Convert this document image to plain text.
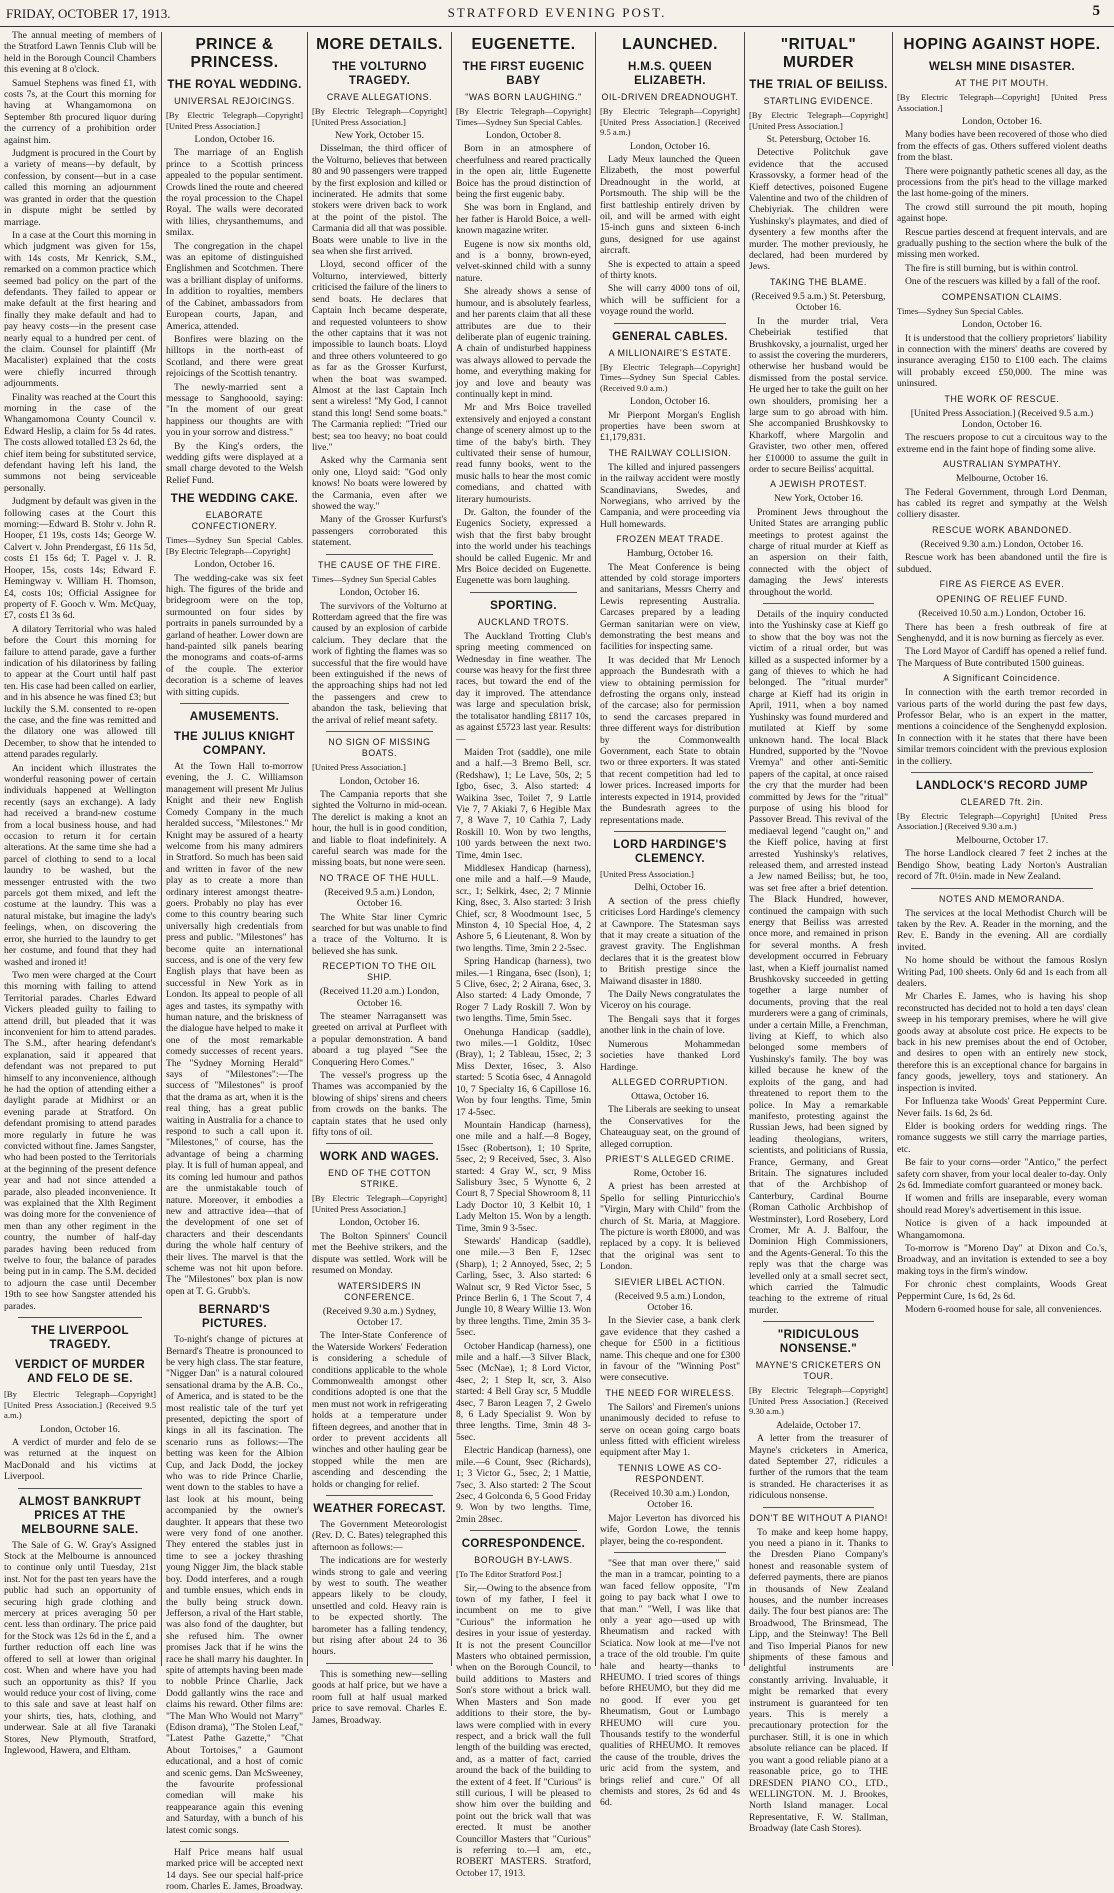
FRIDAY, OCTOBER 17, 1913.	STRATFORD EVENING POST.	5
The annual meeting of members of the Stratford Lawn Tennis Club will be held in the Borough Council Chambers this evening at 8 o'clock.
Samuel Stephens was fined £1, with costs 7s, at the Court this morning for having at Whangamomona on September 8th procured liquor during the currency of a prohibition order against him.
Judgment is procured in the Court by a variety of means—by default, by confession, by consent—but in a case called this morning an adjournment was granted in order that the question in dispute might be settled by marriage.
In a case at the Court this morning in which judgment was given for 15s, with 14s costs, Mr Kenrick, S.M., remarked on a common practice which seemed bad policy on the part of the defendants. They failed to appear or make default at the first hearing and finally they make default and had to pay heavy costs—in the present case nearly equal to a hundred per cent. of the claim. Counsel for plaintiff (Mr Macalister) explained that the costs were chiefly incurred through adjournments.
Finality was reached at the Court this morning in the case of the Whangamomona County Council v. Edward Heslip, a claim for 5s 4d rates. The costs allowed totalled £3 2s 6d, the chief item being for substituted service, defendant having left his land, the summons not being serviceable personally.
Judgment by default was given in the following cases at the Court this morning:—Edward B. Stohr v. John R. Hooper, £1 19s, costs 14s; George W. Calvert v. John Prendergast, £6 11s 5d, costs £1 15s 6d; T. Pagel v. J. R. Hooper, 15s, costs 14s; Edward F. Hemingway v. William H. Thomson, £4, costs 10s; Official Assignee for property of F. Gooch v. Wm. McQuay, £7, costs £1 3s 6d.
A dilatory Territorial who was haled before the Court this morning for failure to attend parade, gave a further indication of his dilatoriness by failing to appear at the Court until half past ten. His case had been called on earlier, and in his absence he was fined £3; but luckily the S.M. consented to re-open the case, and the fine was remitted and the dilatory one was allowed till December, to show that he intended to attend parades regularly.
An incident which illustrates the wonderful reasoning power of certain individuals happened at Wellington recently (says an exchange). A lady had received a brand-new costume from a local business house, and had occasion to return it for certain alterations. At the same time she had a parcel of clothing to send to a local laundry to be washed, but the messenger entrusted with the two parcels got them mixed, and left the costume at the laundry. This was a natural mistake, but imagine the lady's feelings, when, on discovering the error, she hurried to the laundry to get her costume, and found that they had washed and ironed it!
Two men were charged at the Court this morning with failing to attend Territorial parades. Charles Edward Vickers pleaded guilty to failing to attend drill, but pleaded that it was inconvenient for him to attend parades. The S.M., after hearing defendant's explanation, said it appeared that defendant was not prepared to put himself to any inconvenience, although he had the option of attending either a daylight parade at Midhirst or an evening parade at Stratford. On defendant promising to attend parades more regularly in future he was convicted without fine. James Sangster, who had been posted to the Territorials at the beginning of the present defence year and had not since attended a parade, also pleaded inconvenience. It was explained that the Xlth Regiment was doing more for the convenience of men than any other regiment in the country, the number of half-day parades having been reduced from twelve to four, the balance of parades being put in in camp. The S.M. decided to adjourn the case until December 19th to see how Sangster attended his parades.
THE LIVERPOOL TRAGEDY.
VERDICT OF MURDER AND FELO DE SE.
[By Electric Telegraph—Copyright] [United Press Association.] (Received 9.5 a.m.)
London, October 16.
A verdict of murder and felo de se was returned at the inquest on MacDonald and his victims at Liverpool.
ALMOST BANKRUPT PRICES AT THE MELBOURNE SALE.
The Sale of G. W. Gray's Assigned Stock at the Melbourne is announced to continue only until Tuesday, 21st inst. Not for the past ten years have the public had such an opportunity of securing high grade clothing and mercery at prices averaging 50 per cent. less than ordinary. The price paid for the Stock was 12s 6d in the £, and a further reduction off each line was offered to sell at lower than original cost. When and where have you had such an opportunity as this? If you would reduce your cost of living, come to this sale and save at least half on your shirts, ties, hats, clothing, and underwear. Sale at all five Taranaki Stores, New Plymouth, Stratford, Inglewood, Hawera, and Eltham.
PRINCE & PRINCESS.
THE ROYAL WEDDING.
UNIVERSAL REJOICINGS.
[By Electric Telegraph—Copyright] [United Press Association.]
London, October 16.
The marriage of an English prince to a Scottish princess appealed to the popular sentiment. Crowds lined the route and cheered the royal procession to the Chapel Royal. The walls were decorated with lilies, chrysanthemums, and smilax.
The congregation in the chapel was an epitome of distinguished Englishmen and Scotchmen. There was a brilliant display of uniforms. In addition to royalties, members of the Cabinet, ambassadors from European courts, Japan, and America, attended.
Bonfires were blazing on the hilltops in the north-east of Scotland, and there were great rejoicings of the Scottish tenantry.
The newly-married sent a message to Sanghooold, saying: "In the moment of our great happiness our thoughts are with you in your sorrow and distress."
By the King's orders, the wedding gifts were displayed at a small charge devoted to the Welsh Relief Fund.
THE WEDDING CAKE.
ELABORATE CONFECTIONERY.
Times—Sydney Sun Special Cables. [By Electric Telegraph—Copyright]
London, October 16.
The wedding-cake was six feet high. The figures of the bride and bridegroom were on the top, surmounted on four sides by portraits in panels surrounded by a garland of heather. Lower down are hand-painted silk panels bearing the monograms and coats-of-arms of the couple. The exterior decoration is a scheme of leaves with sitting cupids.
AMUSEMENTS.
THE JULIUS KNIGHT COMPANY.
At the Town Hall to-morrow evening, the J. C. Williamson management will present Mr Julius Knight and their new English Comedy Company in the much heralded success, "Milestones." Mr Knight may be assured of a hearty welcome from his many admirers in Stratford. So much has been said and written in favor of the new play as to create a more than ordinary interest amongst theatre-goers. Probably no play has ever come to this country bearing such universally high credentials from press and public. "Milestones" has become quite an international success, and is one of the very few English plays that have been as successful in New York as in London. Its appeal to people of all ages and tastes, its sympathy with human nature, and the briskness of the dialogue have helped to make it one of the most remarkable comedy successes of recent years. The "Sydney Morning Herald" says of "Milestones":—The success of "Milestones" is proof that the drama as art, when it is the real thing, has a great public waiting in Australia for a chance to respond to such a call upon it. "Milestones," of course, has the advantage of being a charming play. It is full of human appeal, and its coming led humour and pathos are the unmistakable touch of nature. Moreover, it embodies a new and attractive idea—that of the development of one set of characters and their descendants during the whole half century of their lives. The marvel is that the scheme was not hit upon before. The "Milestones" box plan is now open at T. G. Grubb's.
BERNARD'S PICTURES.
To-night's change of pictures at Bernard's Theatre is pronounced to be very high class. The star feature, "Nigger Dan" is a natural coloured sensational drama by the A.B. Co., of America, and is stated to be the most realistic tale of the turf yet presented, depicting the sport of kings in all its fascination. The scenario runs as follows:—The betting was keen for the Albion Cup, and Jack Dodd, the jockey who was to ride Prince Charlie, went down to the stables to have a last look at his mount, being accompanied by the owner's daughter. It appears that these two were very fond of one another. They entered the stables just in time to see a jockey thrashing young Nigger Jim, the black stable boy. Dodd interferes, and a rough and tumble ensues, which ends in the bully being struck down. Jefferson, a rival of the Hart stable, was also fond of the daughter, but she refused him. The owner promises Jack that if he wins the race he shall marry his daughter. In spite of attempts having been made to nobble Prince Charlie, Jack Dodd gallantly wins the race and claims his reward. Other films are: "The Man Who Would not Marry" (Edison drama), "The Stolen Leaf," "Latest Pathe Gazette," "Chat About Tortoises," a Gaumont educational, and a host of comic and scenic gems. Dan McSweeney, the favourite professional comedian will make his reappearance again this evening and Saturday, with a bunch of his latest comic songs.
Half Price means half usual marked price will be accepted next 14 days. See our special half-price room. Charles E. James, Broadway.
MORE DETAILS.
THE VOLTURNO TRAGEDY.
CRAVE ALLEGATIONS.
[By Electric Telegraph—Copyright] [United Press Association.]
New York, October 15.
Disselman, the third officer of the Volturno, believes that between 80 and 90 passengers were trapped by the first explosion and killed or incinerated. He admits that some stokers were driven back to work at the point of the pistol. The Carmania did all that was possible. Boats were unable to live in the sea when she first arrived.
Lloyd, second officer of the Volturno, interviewed, bitterly criticised the failure of the liners to send boats. He declares that Captain Inch became desperate, and requested volunteers to show the other captains that it was not impossible to launch boats. Lloyd and three others volunteered to go as far as the Grosser Kurfurst, when the boat was swamped. Almost at the last Captain Inch sent a wireless! "My God, I cannot stand this long! Send some boats." The Carmania replied: "Tried our best; sea too heavy; no boat could live."
Asked why the Carmania sent only one, Lloyd said: "God only knows! No boats were lowered by the Carmania, even after we showed the way."
Many of the Grosser Kurfurst's passengers corroborated this statement.
THE CAUSE OF THE FIRE.
Times—Sydney Sun Special Cables
London, October 16.
The survivors of the Volturno at Rotterdam agreed that the fire was caused by an explosion of carbide calcium. They declare that the work of fighting the flames was so successful that the fire would have been extinguished if the news of the approaching ships had not led the passengers and crew to abandon the task, believing that the arrival of relief meant safety.
NO SIGN OF MISSING BOATS.
[United Press Association.]
London, October 16.
The Campania reports that she sighted the Volturno in mid-ocean. The derelict is making a knot an hour, the hull is in good condition, and liable to float indefinitely. A careful search was made for the missing boats, but none were seen.
NO TRACE OF THE HULL.
(Received 9.5 a.m.) London, October 16.
The White Star liner Cymric searched for but was unable to find a trace of the Volturno. It is believed she has sunk.
RECEPTION TO THE OIL SHIP.
(Received 11.20 a.m.) London, October 16.
The steamer Narragansett was greeted on arrival at Purfleet with a popular demonstration. A band aboard a tug played "See the Conquering Hero Comes."
The vessel's progress up the Thames was accompanied by the blowing of ships' sirens and cheers from crowds on the banks. The captain states that he used only fifty tons of oil.
WORK AND WAGES.
END OF THE COTTON STRIKE.
[By Electric Telegraph—Copyright] [United Press Association.]
London, October 16.
The Bolton Spinners' Council met the Beehive strikers, and the dispute was settled. Work will be resumed on Monday.
WATERSIDERS IN CONFERENCE.
(Received 9.30 a.m.) Sydney, October 17.
The Inter-State Conference of the Waterside Workers' Federation is considering a schedule of conditions applicable to the whole Commonwealth amongst other conditions adopted is one that the men must not work in refrigerating holds at a temperature under fifteen degrees, and another that in order to prevent accidents all winches and other hauling gear be stopped while the men are ascending and descending the holds or changing for relief.
WEATHER FORECAST.
The Government Meteorologist (Rev. D. C. Bates) telegraphed this afternoon as follows:—
The indications are for westerly winds strong to gale and veering by west to south. The weather appears likely to be cloudy, unsettled and cold. Heavy rain is to be expected shortly. The barometer has a falling tendency, but rising after about 24 to 36 hours.
This is something new—selling goods at half price, but we have a room full at half usual marked price to save removal. Charles E. James, Broadway.
EUGENETTE.
THE FIRST EUGENIC BABY
"WAS BORN LAUGHING."
[By Electric Telegraph—Copyright] Times—Sydney Sun Special Cables.
London, October 8.
Born in an atmosphere of cheerfulness and reared practically in the open air, little Eugenette Boice has the proud distinction of being the first eugenic baby.
She was born in England, and her father is Harold Boice, a well-known magazine writer.
Eugene is now six months old, and is a bonny, brown-eyed, velvet-skinned child with a sunny nature.
She already shows a sense of humour, and is absolutely fearless, and her parents claim that all these attributes are due to their deliberate plan of eugenic training. A chain of undisturbed happiness was always allowed to pervade the home, and everything making for joy and love and beauty was continually kept in mind.
Mr and Mrs Boice travelled extensively and enjoyed a constant change of scenery almost up to the time of the baby's birth. They cultivated their sense of humour, read funny books, went to the music halls to hear the most comic comedians, and chatted with literary humourists.
Dr. Galton, the founder of the Eugenics Society, expressed a wish that the first baby brought into the world under his teachings should be called Eugenic. Mr and Mrs Boice decided on Eugenette. Eugenette was born laughing.
SPORTING.
AUCKLAND TROTS.
The Auckland Trotting Club's spring meeting commenced on Wednesday in fine weather. The course was heavy for the first three races, but toward the end of the day it improved. The attendance was large and speculation brisk, the totalisator handling £8117 10s, as against £5723 last year. Results:—
Maiden Trot (saddle), one mile and a half.—3 Bremo Bell, scr. (Redshaw), 1; Le Lave, 50s, 2; 5 Igbo, 6sec, 3. Also started: 4 Waikina 3sec, Toilet 7, 9 Lattle Vie 7, 7 Akiaki 7, 6 Hegible Max 7, 8 Wave 7, 10 Cathia 7, Lady Roskill 10. Won by two lengths, 100 yards between the next two. Time, 4min 1sec.
Middlesex Handicap (harness), one mile and a half.—9 Maude, scr., 1; Selkirk, 4sec, 2; 7 Minnie King, 8sec, 3. Also started: 3 Irish Chief, scr, 8 Woodmount 1sec, 5 Minston 4, 10 Special Hoe, 4, 2 Ashore 5, 6 Lieutenant, 8. Won by two lengths. Time, 3min 2 2-5sec.
Spring Handicap (harness), two miles.—1 Ringana, 6sec (Ison), 1; 5 Clive, 6sec, 2; 2 Airana, 6sec, 3. Also started: 4 Lady Omonde, 7 Roger 7 Lady Roskill 7. Won by two lengths. Time, 5min 5sec.
Onehunga Handicap (saddle), two miles.—1 Golditz, 10sec (Bray), 1; 2 Tableau, 15sec, 2; 3 Miss Dexter, 16sec, 3. Also started: 5 Scotia 6sec, 4 Annagold 10, 7 Specialty 16, 6 Capillose 16. Won by four lengths. Time, 5min 17 4-5sec.
Mountain Handicap (harness), one mile and a half.—8 Bogey, 15sec (Robertson), 1; 10 Sprite, 5sec, 2; 9 Received, 5sec, 3. Also started: 4 Gray W., scr, 9 Miss Salisbury 3sec, 5 Wynotte 6, 2 Court 8, 7 Special Showroom 8, 11 Lady Doctor 10, 3 Kelbit 10, 1 Lady Melton 15. Won by a length. Time, 3min 9 3-5sec.
Stewards' Handicap (saddle), one mile.—3 Ben F, 12sec (Sharp), 1; 2 Annoyed, 5sec, 2; 5 Carling, 5sec, 3. Also started: 6 Walnut scr, 9 Red Victor 5sec, 5 Prince Berlin 6, 1 The Scout 7, 4 Jungle 10, 8 Weary Willie 13. Won by three lengths. Time, 2min 35 3-5sec.
October Handicap (harness), one mile and a half.—3 Silver Black, 5sec (McNae), 1; 8 Lord Victor, 4sec, 2; 1 Step It, scr, 3. Also started: 4 Bell Gray scr, 5 Muddle 4sec, 7 Baron Leagen 7, 2 Gwelo 8, 6 Lady Specialist 9. Won by three lengths. Time, 3min 48 3-5sec.
Electric Handicap (harness), one mile.—6 Count, 9sec (Richards), 1; 3 Victor G., 5sec, 2; 1 Mattie, 7sec, 3. Also started: 2 The Scout 2sec, 4 Golconda 6, 5 Good Friday 9. Won by two lengths. Time, 2min 28sec.
CORRESPONDENCE.
BOROUGH BY-LAWS.
[To The Editor Stratford Post.]
Sir,—Owing to the absence from town of my father, I feel it incumbent on me to give "Curious" the information he desires in your issue of yesterday. It is not the present Councillor Masters who obtained permission, when on the Borough Council, to build additions to Masters and Son's store without a brick wall. When Masters and Son made additions to their store, the by-laws were complied with in every respect, and a brick wall the full length of the building was erected, and, as a matter of fact, carried around the back of the building to the extent of 4 feet. If "Curious" is still curious, I will be pleased to show him over the building and point out the brick wall that was erected. It must be another Councillor Masters that "Curious" is referring to.—I am, etc., ROBERT MASTERS. Stratford, October 17, 1913.
LAUNCHED.
H.M.S. QUEEN ELIZABETH.
OIL-DRIVEN DREADNOUGHT.
[By Electric Telegraph—Copyright] [United Press Association.] (Received 9.5 a.m.)
London, October 16.
Lady Meux launched the Queen Elizabeth, the most powerful Dreadnought in the world, at Portsmouth. The ship will be the first battleship entirely driven by oil, and will be armed with eight 15-inch guns and sixteen 6-inch guns, designed for use against aircraft.
She is expected to attain a speed of thirty knots.
She will carry 4000 tons of oil, which will be sufficient for a voyage round the world.
GENERAL CABLES.
A MILLIONAIRE'S ESTATE.
[By Electric Telegraph—Copyright] Times—Sydney Sun Special Cables. (Received 9.0 a.m.)
London, October 16.
Mr Pierpont Morgan's English properties have been sworn at £1,179,831.
THE RAILWAY COLLISION.
The killed and injured passengers in the railway accident were mostly Scandinavians, Swedes, and Norwegians, who arrived by the Campania, and were proceeding via Hull homewards.
FROZEN MEAT TRADE.
Hamburg, October 16.
The Meat Conference is being attended by cold storage importers and sanitarians, Messrs Cherry and Lewis representing Australia. Carcases prepared by a leading German sanitarian were on view, demonstrating the best means and facilities for inspecting same.
It was decided that Mr Lenoch approach the Bundesrath with a view to obtaining permission for defrosting the organs only, instead of the carcase; also for permission to send the carcases prepared in three different ways for distribution by the Commonwealth Government, each State to obtain two or three exporters. It was stated that recent competition had led to lower prices. Increased imports for interests expected in 1914, provided the Bundesrath agrees to the representations made.
LORD HARDINGE'S CLEMENCY.
[United Press Association.]
Delhi, October 16.
A section of the press chiefly criticises Lord Hardinge's clemency at Cawnpore. The Statesman says that it may create a situation of the gravest gravity. The Englishman declares that it is the greatest blow to British prestige since the Maiwand disaster in 1880.
The Daily News congratulates the Viceroy on his courage.
The Bengali says that it forges another link in the chain of love.
Numerous Mohammedan societies have thanked Lord Hardinge.
ALLEGED CORRUPTION.
Ottawa, October 16.
The Liberals are seeking to unseat the Conservatives for the Chateauguay seat, on the ground of alleged corruption.
PRIEST'S ALLEGED CRIME.
Rome, October 16.
A priest has been arrested at Spello for selling Pinturicchio's "Virgin, Mary with Child" from the church of St. Maria, at Maggiore. The picture is worth £8000, and was replaced by a copy. It is believed that the original was sent to London.
SIEVIER LIBEL ACTION.
(Received 9.5 a.m.) London, October 16.
In the Sievier case, a bank clerk gave evidence that they cashed a cheque for £500 in a fictitious name. This cheque and one for £300 in favour of the "Winning Post" were consecutive.
THE NEED FOR WIRELESS.
The Sailors' and Firemen's unions unanimously decided to refuse to serve on ocean going cargo boats unless fitted with efficient wireless equipment after May 1.
TENNIS LOWE AS CO-RESPONDENT.
(Received 10.30 a.m.) London, October 16.
Major Leverton has divorced his wife, Gordon Lowe, the tennis player, being the co-respondent.
"See that man over there," said the man in a tramcar, pointing to a wan faced fellow opposite, "I'm going to pay back what I owe to that man." "Well, I was like that only a year ago—used up with Rheumatism and racked with Sciatica. Now look at me—I've not a trace of the old trouble. I'm quite hale and hearty—thanks to RHEUMO. I tried scores of things before RHEUMO, but they did me no good. If ever you get Rheumatism, Gout or Lumbago RHEUMO will cure you. Thousands testify to the wonderful qualities of RHEUMO. It removes the cause of the trouble, drives the uric acid from the system, and brings relief and cure." Of all chemists and stores, 2s 6d and 4s 6d.
"RITUAL" MURDER
THE TRIAL OF BEILISS.
STARTLING EVIDENCE.
[By Electric Telegraph—Copyright] [United Press Association.]
St. Petersburg, October 16.
Detective Politchuk gave evidence that the accused Krassovsky, a former head of the Kieff detectives, poisoned Eugene Valentine and two of the children of Chebiyriak. The children were Yushinsky's playmates, and died of dysentery a few months after the murder. The mother previously, he declared, had been murdered by Jews.
TAKING THE BLAME.
(Received 9.5 a.m.) St. Petersburg, October 16.
In the murder trial, Vera Chebeiriak testified that Brushkovsky, a journalist, urged her to assist the covering the murderers, otherwise her husband would be dismissed from the postal service. He urged her to take the guilt on her own shoulders, promising her a large sum to go abroad with him. She accompanied Brushkovsky to Kharkoff, where Margolin and Gravister, two other men, offered her £10000 to assume the guilt in order to secure Beiliss' acquittal.
A JEWISH PROTEST.
New York, October 16.
Prominent Jews throughout the United States are arranging public meetings to protest against the charge of ritual murder at Kieff as an aspersion on their faith, connected with the object of damaging the Jews' interests throughout the world.
Details of the inquiry conducted into the Yushinsky case at Kieff go to show that the boy was not the victim of a ritual order, but was killed as a suspected informer by a gang of thieves to which he had belonged. The "ritual murder" charge at Kieff had its origin in April, 1911, when a boy named Yushinsky was found murdered and mutilated at Kieff by some unknown hand. The local Black Hundred, supported by the "Novoe Vremya" and other anti-Semitic papers of the capital, at once raised the cry that the murder had been committed by Jews for the "ritual" purpose of using his blood for Passover Bread. This revival of the mediaeval legend "caught on," and the Kieff police, having at first arrested Yushinsky's relatives, released them, and arrested instead a Jew named Beiliss; but, he too, was set free after a brief detention. The Black Hundred, however, continued the campaign with such energy that Beiliss was arrested once more, and remained in prison for several months. A fresh development occurred in February last, when a Kieff journalist named Brushkovsky succeeded in getting together a large number of documents, proving that the real murderers were a gang of criminals, under a certain Mille, a Frenchman, living at Kieff, to which also belonged some members of Yushinsky's family. The boy was killed because he knew of the exploits of the gang, and had threatened to report them to the police. In May a remarkable manifesto, protesting against the Russian Jews, had been signed by leading theologians, writers, scientists, and politicians of Russia, France, Germany, and Great Britain. The signatures included that of the Archbishop of Canterbury, Cardinal Bourne (Roman Catholic Archbishop of Westminster), Lord Rosebery, Lord Cromer, Mr A. J. Balfour, the Dominion High Commissioners, and the Agents-General. To this the reply was that the charge was levelled only at a small secret sect, which carried the Talmudic teaching to the extreme of ritual murder.
"RIDICULOUS NONSENSE."
MAYNE'S CRICKETERS ON TOUR.
[By Electric Telegraph—Copyright] [United Press Association.] (Received 9.30 a.m.)
Adelaide, October 17.
A letter from the treasurer of Mayne's cricketers in America, dated September 27, ridicules a further of the rumors that the team is stranded. He characterises it as ridiculous nonsense.
DON'T BE WITHOUT A PIANO!
To make and keep home happy, you need a piano in it. Thanks to the Dresden Piano Company's honest and reasonable system of deferred payments, there are pianos in thousands of New Zealand houses, and the number increases daily. The four best pianos are: The Broadwood, The Brinsmead, The Lipp, and the Steinway! The Bell and Tiso Imperial Pianos for new shipments of these famous and delightful instruments are constantly arriving. Invaluable, it might be remarked that every instrument is guaranteed for ten years. This is merely a precautionary protection for the purchaser. Still, it is one in which absolute reliance can be placed. If you want a good reliable piano at a reasonable price, go to THE DRESDEN PIANO CO., LTD., WELLINGTON. M. J. Brookes, North Island manager. Local Representative, F. W. Stallman, Broadway (late Cash Stores).
HOPING AGAINST HOPE.
WELSH MINE DISASTER.
AT THE PIT MOUTH.
[By Electric Telegraph—Copyright] [United Press Association.]
London, October 16.
Many bodies have been recovered of those who died from the effects of gas. Others suffered violent deaths from the blast.
There were poignantly pathetic scenes all day, as the processions from the pit's head to the village marked the last home-going of the miners.
The crowd still surround the pit mouth, hoping against hope.
Rescue parties descend at frequent intervals, and are gradually pushing to the section where the bulk of the missing men worked.
The fire is still burning, but is within control.
One of the rescuers was killed by a fall of the roof.
COMPENSATION CLAIMS.
Times—Sydney Sun Special Cables.
London, October 16.
It is understood that the colliery proprietors' liability in connection with the miners' deaths are covered by insurance averaging £150 to £100 each. The claims will probably exceed £50,000. The mine was uninsured.
THE WORK OF RESCUE.
[United Press Association.] (Received 9.5 a.m.) London, October 16.
The rescuers propose to cut a circuitous way to the extreme end in the faint hope of finding some alive.
AUSTRALIAN SYMPATHY.
Melbourne, October 16.
The Federal Government, through Lord Denman, has cabled its regret and sympathy at the Welsh colliery disaster.
RESCUE WORK ABANDONED.
(Received 9.30 a.m.) London, October 16.
Rescue work has been abandoned until the fire is subdued.
FIRE AS FIERCE AS EVER.
OPENING OF RELIEF FUND.
(Received 10.50 a.m.) London, October 16.
There has been a fresh outbreak of fire at Senghenydd, and it is now burning as fiercely as ever.
The Lord Mayor of Cardiff has opened a relief fund. The Marquess of Bute contributed 1500 guineas.
A Significant Coincidence.
In connection with the earth tremor recorded in various parts of the world during the past few days, Professor Belar, who is an expert in the matter, mentions a coincidence of the Senghenydd explosion. In connection with it he states that there have been similar tremors coincident with the previous explosion in the colliery.
LANDLOCK'S RECORD JUMP
CLEARED 7ft. 2in.
[By Electric Telegraph—Copyright] [United Press Association.] (Received 9.30 a.m.)
Melbourne, October 17.
The horse Landlock cleared 7 feet 2 inches at the Bendigo Show, beating Lady Norton's Australian record of 7ft. 0½in. made in New Zealand.
NOTES AND MEMORANDA.
The services at the local Methodist Church will be taken by the Rev. A. Reader in the morning, and the Rev. E. Bandy in the evening. All are cordially invited.
No home should be without the famous Roslyn Writing Pad, 100 sheets. Only 6d and 1s each from all dealers.
Mr Charles E. James, who is having his shop reconstructed has decided not to hold a ten days' clean sweep in his temporary premises, where he will give goods away at absolute cost price. He expects to be back in his new premises about the end of October, and desires to open with an entirely new stock, therefore this is an exceptional chance for bargains in fancy goods, jewellery, toys and stationery. An inspection is invited.
For Influenza take Woods' Great Peppermint Cure. Never fails. 1s 6d, 2s 6d.
Elder is booking orders for wedding rings. The romance suggests we still carry the marriage parties, etc.
Be fair to your corns—order "Antico," the perfect safety corn shaver, from your local dealer to-day. Only 2s 6d. Immediate comfort guaranteed or money back.
If women and frills are inseparable, every woman should read Morey's advertisement in this issue.
Notice is given of a hack impounded at Whangamomona.
To-morrow is "Moreno Day" at Dixon and Co.'s, Broadway, and an invitation is extended to see a boy making toys in the firm's window.
For chronic chest complaints, Woods Great Peppermint Cure, 1s 6d, 2s 6d.
Modern 6-roomed house for sale, all conveniences.
